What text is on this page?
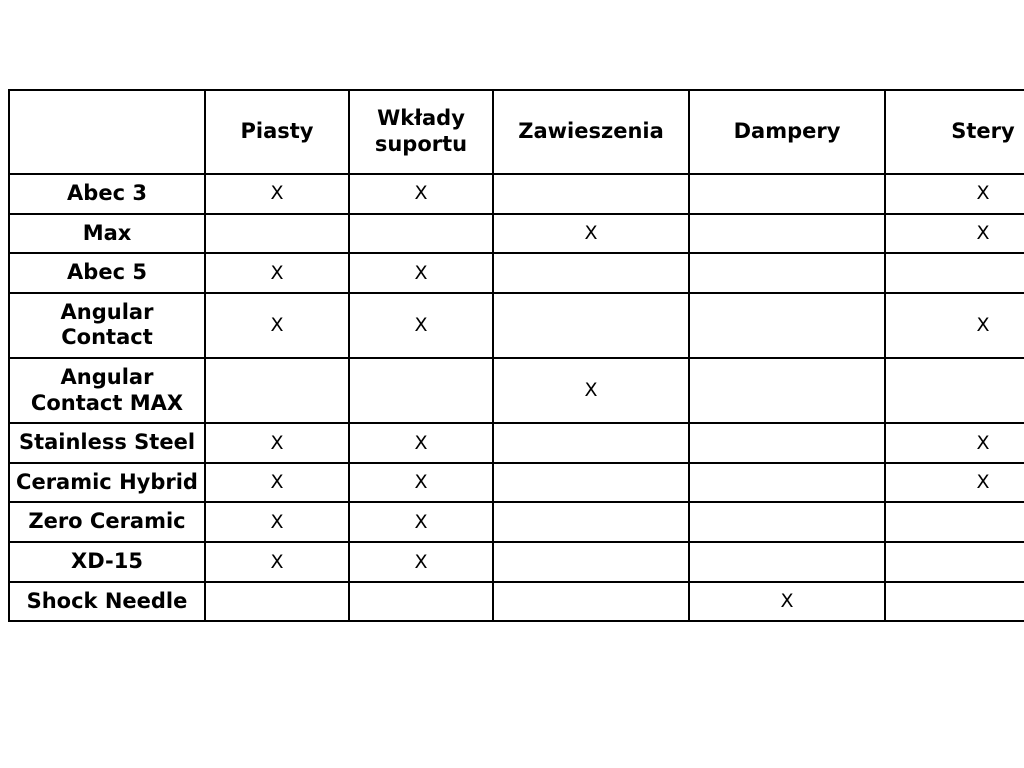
	Piasty	Wkłady suportu	Zawieszenia	Dampery	Stery
Abec 3	X	X			X
Max			X		X
Abec 5	X	X			
Angular Contact	X	X			X
Angular Contact MAX			X		
Stainless Steel	X	X			X
Ceramic Hybrid	X	X			X
Zero Ceramic	X	X			
XD-15	X	X			
Shock Needle				X	
